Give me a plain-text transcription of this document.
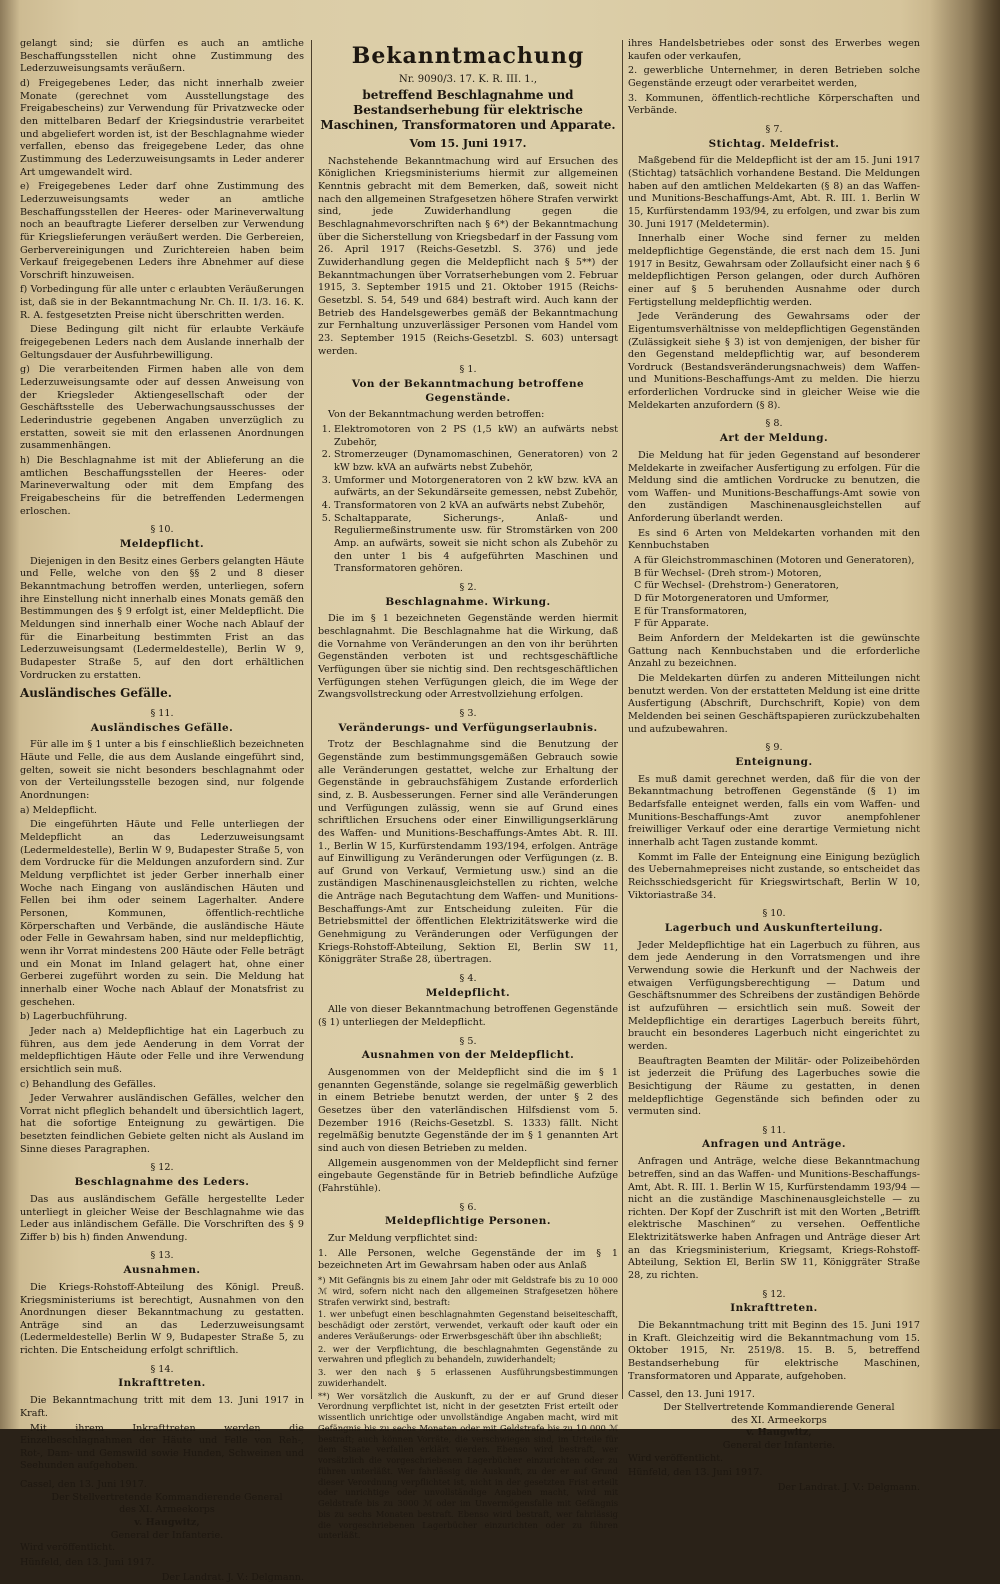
gelangt sind; sie dürfen es auch an amtliche Beschaffungsstellen nicht ohne Zustimmung des Lederzuweisungsamts veräußern.

d) Freigegebenes Leder, das nicht innerhalb zweier Monate (gerechnet vom Ausstellungstage des Freigabescheins) zur Verwendung für Privatzwecke oder den mittelbaren Bedarf der Kriegsindustrie verarbeitet und abgeliefert worden ist, ist der Beschlagnahme wieder verfallen, ebenso das freigegebene Leder, das ohne Zustimmung des Lederzuweisungsamts in Leder anderer Art umgewandelt wird.

e) Freigegebenes Leder darf ohne Zustimmung des Lederzuweisungsamts weder an amtliche Beschaffungsstellen der Heeres- oder Marineverwaltung noch an beauftragte Lieferer derselben zur Verwendung für Kriegslieferungen veräußert werden. Die Gerbereien, Gerbervereinigungen und Zurichtereien haben beim Verkauf freigegebenen Leders ihre Abnehmer auf diese Vorschrift hinzuweisen.

f) Vorbedingung für alle unter c erlaubten Veräußerungen ist, daß sie in der Bekanntmachung Nr. Ch. II. 1/3. 16. K. R. A. festgesetzten Preise nicht überschritten werden.

Diese Bedingung gilt nicht für erlaubte Verkäufe freigegebenen Leders nach dem Auslande innerhalb der Geltungsdauer der Ausfuhrbewilligung.

g) Die verarbeitenden Firmen haben alle von dem Lederzuweisungsamte oder auf dessen Anweisung von der Kriegsleder Aktiengesellschaft oder der Geschäftsstelle des Ueberwachungsausschusses der Lederindustrie gegebenen Angaben unverzüglich zu erstatten, soweit sie mit den erlassenen Anordnungen zusammenhängen.

h) Die Beschlagnahme ist mit der Ablieferung an die amtlichen Beschaffungsstellen der Heeres- oder Marineverwaltung oder mit dem Empfang des Freigabescheins für die betreffenden Ledermengen erloschen.

§ 10.
Meldepflicht.

Diejenigen in den Besitz eines Gerbers gelangten Häute und Felle, welche von den §§ 2 und 8 dieser Bekanntmachung betroffen werden, unterliegen, sofern ihre Einstellung nicht innerhalb eines Monats gemäß den Bestimmungen des § 9 erfolgt ist, einer Meldepflicht. Die Meldungen sind innerhalb einer Woche nach Ablauf der für die Einarbeitung bestimmten Frist an das Lederzuweisungsamt (Ledermeldestelle), Berlin W 9, Budapester Straße 5, auf den dort erhältlichen Vordrucken zu erstatten.

Ausländisches Gefälle.
§ 11.
Ausländisches Gefälle.

Für alle im § 1 unter a bis f einschließlich bezeichneten Häute und Felle, die aus dem Auslande eingeführt sind, gelten, soweit sie nicht besonders beschlagnahmt oder von der Verteilungsstelle bezogen sind, nur folgende Anordnungen:

a) Meldepflicht.

Die eingeführten Häute und Felle unterliegen der Meldepflicht an das Lederzuweisungsamt (Ledermeldestelle), Berlin W 9, Budapester Straße 5, von dem Vordrucke für die Meldungen anzufordern sind. Zur Meldung verpflichtet ist jeder Gerber innerhalb einer Woche nach Eingang von ausländischen Häuten und Fellen bei ihm oder seinem Lagerhalter. Andere Personen, Kommunen, öffentlich-rechtliche Körperschaften und Verbände, die ausländische Häute oder Felle in Gewahrsam haben, sind nur meldepflichtig, wenn ihr Vorrat mindestens 200 Häute oder Felle beträgt und ein Monat im Inland gelagert hat, ohne einer Gerberei zugeführt worden zu sein. Die Meldung hat innerhalb einer Woche nach Ablauf der Monatsfrist zu geschehen.

b) Lagerbuchführung.

Jeder nach a) Meldepflichtige hat ein Lagerbuch zu führen, aus dem jede Aenderung in dem Vorrat der meldepflichtigen Häute oder Felle und ihre Verwendung ersichtlich sein muß.

c) Behandlung des Gefälles.

Jeder Verwahrer ausländischen Gefälles, welcher den Vorrat nicht pfleglich behandelt und übersichtlich lagert, hat die sofortige Enteignung zu gewärtigen. Die besetzten feindlichen Gebiete gelten nicht als Ausland im Sinne dieses Paragraphen.

§ 12.
Beschlagnahme des Leders.

Das aus ausländischem Gefälle hergestellte Leder unterliegt in gleicher Weise der Beschlagnahme wie das Leder aus inländischem Gefälle. Die Vorschriften des § 9 Ziffer b) bis h) finden Anwendung.

§ 13.
Ausnahmen.

Die Kriegs-Rohstoff-Abteilung des Königl. Preuß. Kriegsministeriums ist berechtigt, Ausnahmen von den Anordnungen dieser Bekanntmachung zu gestatten. Anträge sind an das Lederzuweisungsamt (Ledermeldestelle) Berlin W 9, Budapester Straße 5, zu richten. Die Entscheidung erfolgt schriftlich.

§ 14.
Inkrafttreten.

Die Bekanntmachung tritt mit dem 13. Juni 1917 in Kraft.

Mit ihrem Inkrafttreten werden die Einzelbeschlagnahmen der Häute und Felle von Reh-, Rot-, Dam- und Gemswild sowie Hunden, Schweinen und Seehunden aufgehoben.

Cassel, den 13. Juni 1917.

Der Stellvertretende Kommandierende General

des XI. Armeekorps

v. Haugwitz,

General der Infanterie.

Wird veröffentlicht.

Hünfeld, den 13. Juni 1917.

Der Landrat. J. V.: Delgmann.

Bekanntmachung
Nr. 9090/3. 17. K. R. III. 1.,
betreffend Beschlagnahme und Bestandserhebung für elektrische Maschinen, Transformatoren und Apparate.
Vom 15. Juni 1917.

Nachstehende Bekanntmachung wird auf Ersuchen des Königlichen Kriegsministeriums hiermit zur allgemeinen Kenntnis gebracht mit dem Bemerken, daß, soweit nicht nach den allgemeinen Strafgesetzen höhere Strafen verwirkt sind, jede Zuwiderhandlung gegen die Beschlagnahmevorschriften nach § 6*) der Bekanntmachung über die Sicherstellung von Kriegsbedarf in der Fassung vom 26. April 1917 (Reichs-Gesetzbl. S. 376) und jede Zuwiderhandlung gegen die Meldepflicht nach § 5**) der Bekanntmachungen über Vorratserhebungen vom 2. Februar 1915, 3. September 1915 und 21. Oktober 1915 (Reichs-Gesetzbl. S. 54, 549 und 684) bestraft wird. Auch kann der Betrieb des Handelsgewerbes gemäß der Bekanntmachung zur Fernhaltung unzuverlässiger Personen vom Handel vom 23. September 1915 (Reichs-Gesetzbl. S. 603) untersagt werden.

§ 1.
Von der Bekanntmachung betroffene Gegenstände.

Von der Bekanntmachung werden betroffen:

1. Elektromotoren von 2 PS (1,5 kW) an aufwärts nebst Zubehör,
2. Stromerzeuger (Dynamomaschinen, Generatoren) von 2 kW bzw. kVA an aufwärts nebst Zubehör,
3. Umformer und Motorgeneratoren von 2 kW bzw. kVA an aufwärts, an der Sekundärseite gemessen, nebst Zubehör,
4. Transformatoren von 2 kVA an aufwärts nebst Zubehör,
5. Schaltapparate, Sicherungs-, Anlaß- und Reguliermeßinstrumente usw. für Stromstärken von 200 Amp. an aufwärts, soweit sie nicht schon als Zubehör zu den unter 1 bis 4 aufgeführten Maschinen und Transformatoren gehören.
§ 2.
Beschlagnahme. Wirkung.

Die im § 1 bezeichneten Gegenstände werden hiermit beschlagnahmt. Die Beschlagnahme hat die Wirkung, daß die Vornahme von Veränderungen an den von ihr berührten Gegenständen verboten ist und rechtsgeschäftliche Verfügungen über sie nichtig sind. Den rechtsgeschäftlichen Verfügungen stehen Verfügungen gleich, die im Wege der Zwangsvollstreckung oder Arrestvollziehung erfolgen.

§ 3.
Veränderungs- und Verfügungserlaubnis.

Trotz der Beschlagnahme sind die Benutzung der Gegenstände zum bestimmungsgemäßen Gebrauch sowie alle Veränderungen gestattet, welche zur Erhaltung der Gegenstände in gebrauchsfähigem Zustande erforderlich sind, z. B. Ausbesserungen. Ferner sind alle Veränderungen und Verfügungen zulässig, wenn sie auf Grund eines schriftlichen Ersuchens oder einer Einwilligungserklärung des Waffen- und Munitions-Beschaffungs-Amtes Abt. R. III. 1., Berlin W 15, Kurfürstendamm 193/194, erfolgen. Anträge auf Einwilligung zu Veränderungen oder Verfügungen (z. B. auf Grund von Verkauf, Vermietung usw.) sind an die zuständigen Maschinenausgleichstellen zu richten, welche die Anträge nach Begutachtung dem Waffen- und Munitions-Beschaffungs-Amt zur Entscheidung zuleiten. Für die Betriebsmittel der öffentlichen Elektrizitätswerke wird die Genehmigung zu Veränderungen oder Verfügungen der Kriegs-Rohstoff-Abteilung, Sektion El, Berlin SW 11, Königgräter Straße 28, übertragen.

§ 4.
Meldepflicht.

Alle von dieser Bekanntmachung betroffenen Gegenstände (§ 1) unterliegen der Meldepflicht.

§ 5.
Ausnahmen von der Meldepflicht.

Ausgenommen von der Meldepflicht sind die im § 1 genannten Gegenstände, solange sie regelmäßig gewerblich in einem Betriebe benutzt werden, der unter § 2 des Gesetzes über den vaterländischen Hilfsdienst vom 5. Dezember 1916 (Reichs-Gesetzbl. S. 1333) fällt. Nicht regelmäßig benutzte Gegenstände der im § 1 genannten Art sind auch von diesen Betrieben zu melden.

Allgemein ausgenommen von der Meldepflicht sind ferner eingebaute Gegenstände für in Betrieb befindliche Aufzüge (Fahrstühle).

§ 6.
Meldepflichtige Personen.

Zur Meldung verpflichtet sind:

1. Alle Personen, welche Gegenstände der im § 1 bezeichneten Art im Gewahrsam haben oder aus Anlaß

*) Mit Gefängnis bis zu einem Jahr oder mit Geldstrafe bis zu 10 000 ℳ wird, sofern nicht nach den allgemeinen Strafgesetzen höhere Strafen verwirkt sind, bestraft:

1. wer unbefugt einen beschlagnahmten Gegenstand beiseiteschafft, beschädigt oder zerstört, verwendet, verkauft oder kauft oder ein anderes Veräußerungs- oder Erwerbsgeschäft über ihn abschließt;

2. wer der Verpflichtung, die beschlagnahmten Gegenstände zu verwahren und pfleglich zu behandeln, zuwiderhandelt;

3. wer den nach § 5 erlassenen Ausführungsbestimmungen zuwiderhandelt.

**) Wer vorsätzlich die Auskunft, zu der er auf Grund dieser Verordnung verpflichtet ist, nicht in der gesetzten Frist erteilt oder wissentlich unrichtige oder unvollständige Angaben macht, wird mit Gefängnis bis zu sechs Monaten oder mit Geldstrafe bis zu 10 000 ℳ bestraft; auch können Vorräte, die verschwiegen sind, im Urteile für dem Staate verfallen erklärt werden. Ebenso wird bestraft, wer vorsätzlich die vorgeschriebenen Lagerbücher einzurichten oder zu führen unterläßt. Wer fahrlässig die Auskunft, zu der er auf Grund dieser Verordnung verpflichtet ist, nicht in der gesetzten Frist erteilt oder unrichtige oder unvollständige Angaben macht, wird mit Geldstrafe bis zu 3000 ℳ oder im Unvermögensfalle mit Gefängnis bis zu sechs Monaten bestraft. Ebenso wird bestraft, wer fahrlässig die vorgeschriebenen Lagerbücher einzurichten oder zu führen unterläßt.

ihres Handelsbetriebes oder sonst des Erwerbes wegen kaufen oder verkaufen,

2. gewerbliche Unternehmer, in deren Betrieben solche Gegenstände erzeugt oder verarbeitet werden,

3. Kommunen, öffentlich-rechtliche Körperschaften und Verbände.

§ 7.
Stichtag. Meldefrist.

Maßgebend für die Meldepflicht ist der am 15. Juni 1917 (Stichtag) tatsächlich vorhandene Bestand. Die Meldungen haben auf den amtlichen Meldekarten (§ 8) an das Waffen- und Munitions-Beschaffungs-Amt, Abt. R. III. 1. Berlin W 15, Kurfürstendamm 193/94, zu erfolgen, und zwar bis zum 30. Juni 1917 (Meldetermin).

Innerhalb einer Woche sind ferner zu melden meldepflichtige Gegenstände, die erst nach dem 15. Juni 1917 in Besitz, Gewahrsam oder Zollaufsicht einer nach § 6 meldepflichtigen Person gelangen, oder durch Aufhören einer auf § 5 beruhenden Ausnahme oder durch Fertigstellung meldepflichtig werden.

Jede Veränderung des Gewahrsams oder der Eigentumsverhältnisse von meldepflichtigen Gegenständen (Zulässigkeit siehe § 3) ist von demjenigen, der bisher für den Gegenstand meldepflichtig war, auf besonderem Vordruck (Bestandsveränderungsnachweis) dem Waffen- und Munitions-Beschaffungs-Amt zu melden. Die hierzu erforderlichen Vordrucke sind in gleicher Weise wie die Meldekarten anzufordern (§ 8).

§ 8.
Art der Meldung.

Die Meldung hat für jeden Gegenstand auf besonderer Meldekarte in zweifacher Ausfertigung zu erfolgen. Für die Meldung sind die amtlichen Vordrucke zu benutzen, die vom Waffen- und Munitions-Beschaffungs-Amt sowie von den zuständigen Maschinenausgleichstellen auf Anforderung überlandt werden.

Es sind 6 Arten von Meldekarten vorhanden mit den Kennbuchstaben

A für Gleichstrommaschinen (Motoren und Generatoren),
B für Wechsel- (Dreh strom-) Motoren,
C für Wechsel- (Drehstrom-) Generatoren,
D für Motorgeneratoren und Umformer,
E für Transformatoren,
F für Apparate.

Beim Anfordern der Meldekarten ist die gewünschte Gattung nach Kennbuchstaben und die erforderliche Anzahl zu bezeichnen.

Die Meldekarten dürfen zu anderen Mitteilungen nicht benutzt werden. Von der erstatteten Meldung ist eine dritte Ausfertigung (Abschrift, Durchschrift, Kopie) von dem Meldenden bei seinen Geschäftspapieren zurückzubehalten und aufzubewahren.

§ 9.
Enteignung.

Es muß damit gerechnet werden, daß für die von der Bekanntmachung betroffenen Gegenstände (§ 1) im Bedarfsfalle enteignet werden, falls ein vom Waffen- und Munitions-Beschaffungs-Amt zuvor anempfohlener freiwilliger Verkauf oder eine derartige Vermietung nicht innerhalb acht Tagen zustande kommt.

Kommt im Falle der Enteignung eine Einigung bezüglich des Uebernahmepreises nicht zustande, so entscheidet das Reichsschiedsgericht für Kriegswirtschaft, Berlin W 10, Viktoriastraße 34.

§ 10.
Lagerbuch und Auskunfterteilung.

Jeder Meldepflichtige hat ein Lagerbuch zu führen, aus dem jede Aenderung in den Vorratsmengen und ihre Verwendung sowie die Herkunft und der Nachweis der etwaigen Verfügungsberechtigung — Datum und Geschäftsnummer des Schreibens der zuständigen Behörde ist aufzuführen — ersichtlich sein muß. Soweit der Meldepflichtige ein derartiges Lagerbuch bereits führt, braucht ein besonderes Lagerbuch nicht eingerichtet zu werden.

Beauftragten Beamten der Militär- oder Polizeibehörden ist jederzeit die Prüfung des Lagerbuches sowie die Besichtigung der Räume zu gestatten, in denen meldepflichtige Gegenstände sich befinden oder zu vermuten sind.

§ 11.
Anfragen und Anträge.

Anfragen und Anträge, welche diese Bekanntmachung betreffen, sind an das Waffen- und Munitions-Beschaffungs-Amt, Abt. R. III. 1. Berlin W 15, Kurfürstendamm 193/94 — nicht an die zuständige Maschinenausgleichstelle — zu richten. Der Kopf der Zuschrift ist mit den Worten „Betrifft elektrische Maschinen“ zu versehen. Oeffentliche Elektrizitätswerke haben Anfragen und Anträge dieser Art an das Kriegsministerium, Kriegsamt, Kriegs-Rohstoff-Abteilung, Sektion El, Berlin SW 11, Königgräter Straße 28, zu richten.

§ 12.
Inkrafttreten.

Die Bekanntmachung tritt mit Beginn des 15. Juni 1917 in Kraft. Gleichzeitig wird die Bekanntmachung vom 15. Oktober 1915, Nr. 2519/8. 15. B. 5, betreffend Bestandserhebung für elektrische Maschinen, Transformatoren und Apparate, aufgehoben.

Cassel, den 13. Juni 1917.

Der Stellvertretende Kommandierende General

des XI. Armeekorps

v. Haugwitz,

General der Infanterie.

Wird veröffentlicht.

Hünfeld, den 13. Juni 1917.

Der Landrat. J. V.: Delgmann.
